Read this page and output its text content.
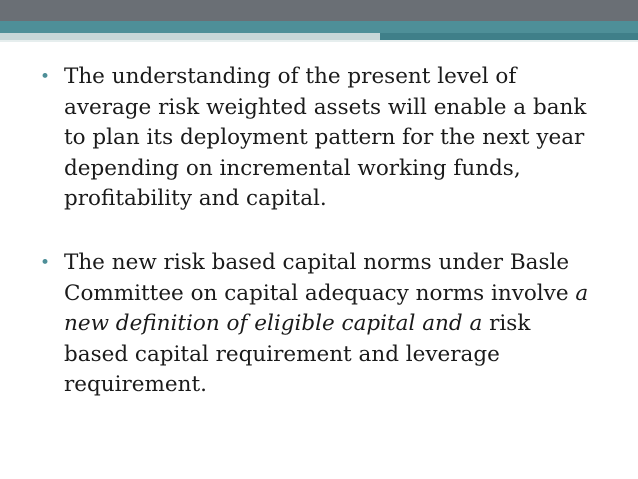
• The understanding of the present level of
average risk weighted assets will enable a bank
to plan its deployment pattern for the next year
depending on incremental working funds,
profitability and capital.
• The new risk based capital norms under Basle
Committee on capital adequacy norms involve a
new definition of eligible capital and a risk
based capital requirement and leverage
requirement.
